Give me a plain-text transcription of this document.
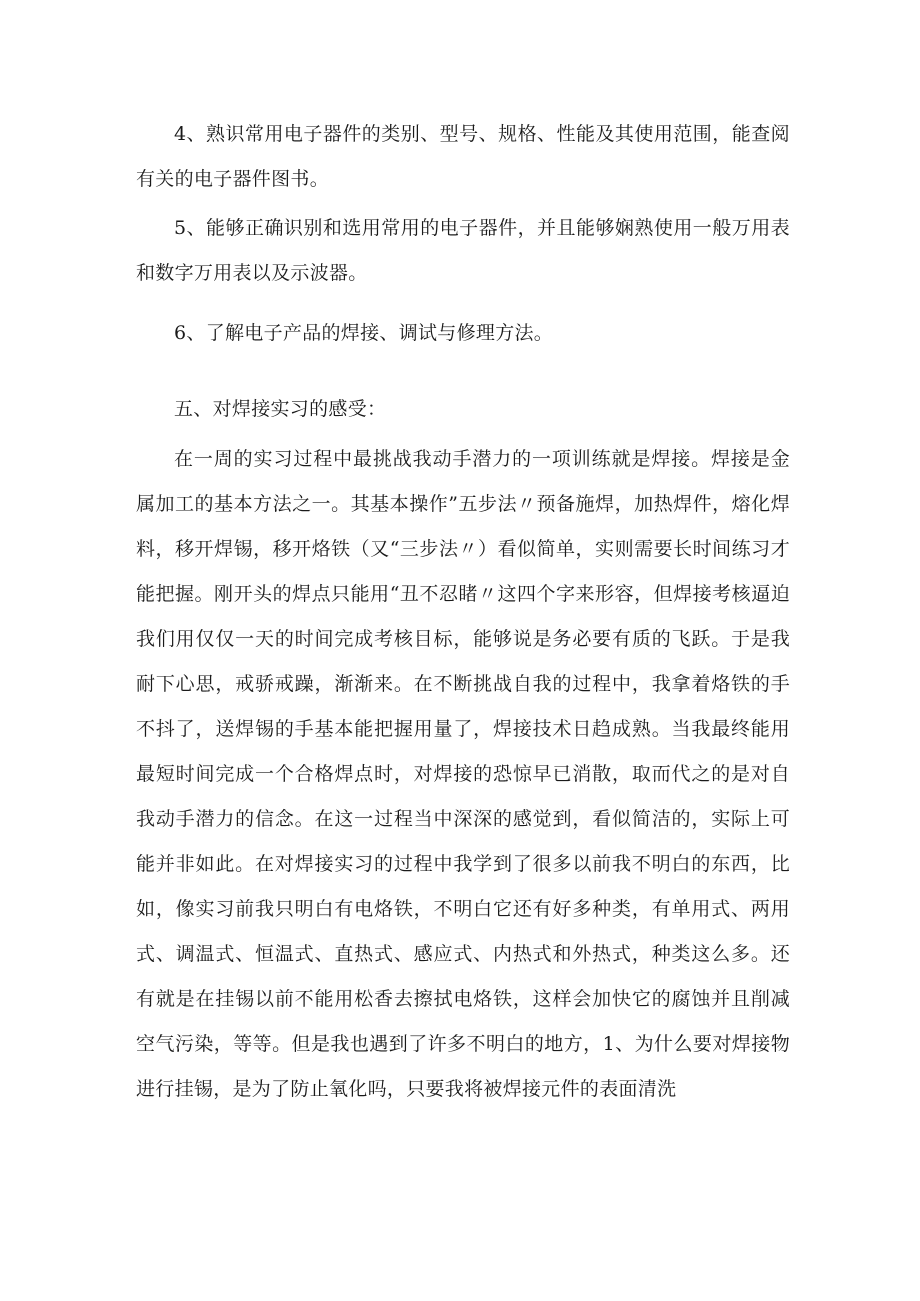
4、熟识常用电子器件的类别、型号、规格、性能及其使用范围，能查阅有关的电子器件图书。

5、能够正确识别和选用常用的电子器件，并且能够娴熟使用一般万用表和数字万用表以及示波器。

6、了解电子产品的焊接、调试与修理方法。

五、对焊接实习的感受：

在一周的实习过程中最挑战我动手潜力的一项训练就是焊接。焊接是金属加工的基本方法之一。其基本操作”五步法〃预备施焊，加热焊件，熔化焊料，移开焊锡，移开烙铁（又“三步法〃）看似简单，实则需要长时间练习才能把握。刚开头的焊点只能用“丑不忍睹〃这四个字来形容，但焊接考核逼迫我们用仅仅一天的时间完成考核目标，能够说是务必要有质的飞跃。于是我耐下心思，戒骄戒躁，渐渐来。在不断挑战自我的过程中，我拿着烙铁的手不抖了，送焊锡的手基本能把握用量了，焊接技术日趋成熟。当我最终能用最短时间完成一个合格焊点时，对焊接的恐惊早已消散，取而代之的是对自我动手潜力的信念。在这一过程当中深深的感觉到，看似简洁的，实际上可能并非如此。在对焊接实习的过程中我学到了很多以前我不明白的东西，比如，像实习前我只明白有电烙铁，不明白它还有好多种类，有单用式、两用式、调温式、恒温式、直热式、感应式、内热式和外热式，种类这么多。还有就是在挂锡以前不能用松香去擦拭电烙铁，这样会加快它的腐蚀并且削减空气污染，等等。但是我也遇到了许多不明白的地方，1、为什么要对焊接物进行挂锡，是为了防止氧化吗，只要我将被焊接元件的表面清洗
